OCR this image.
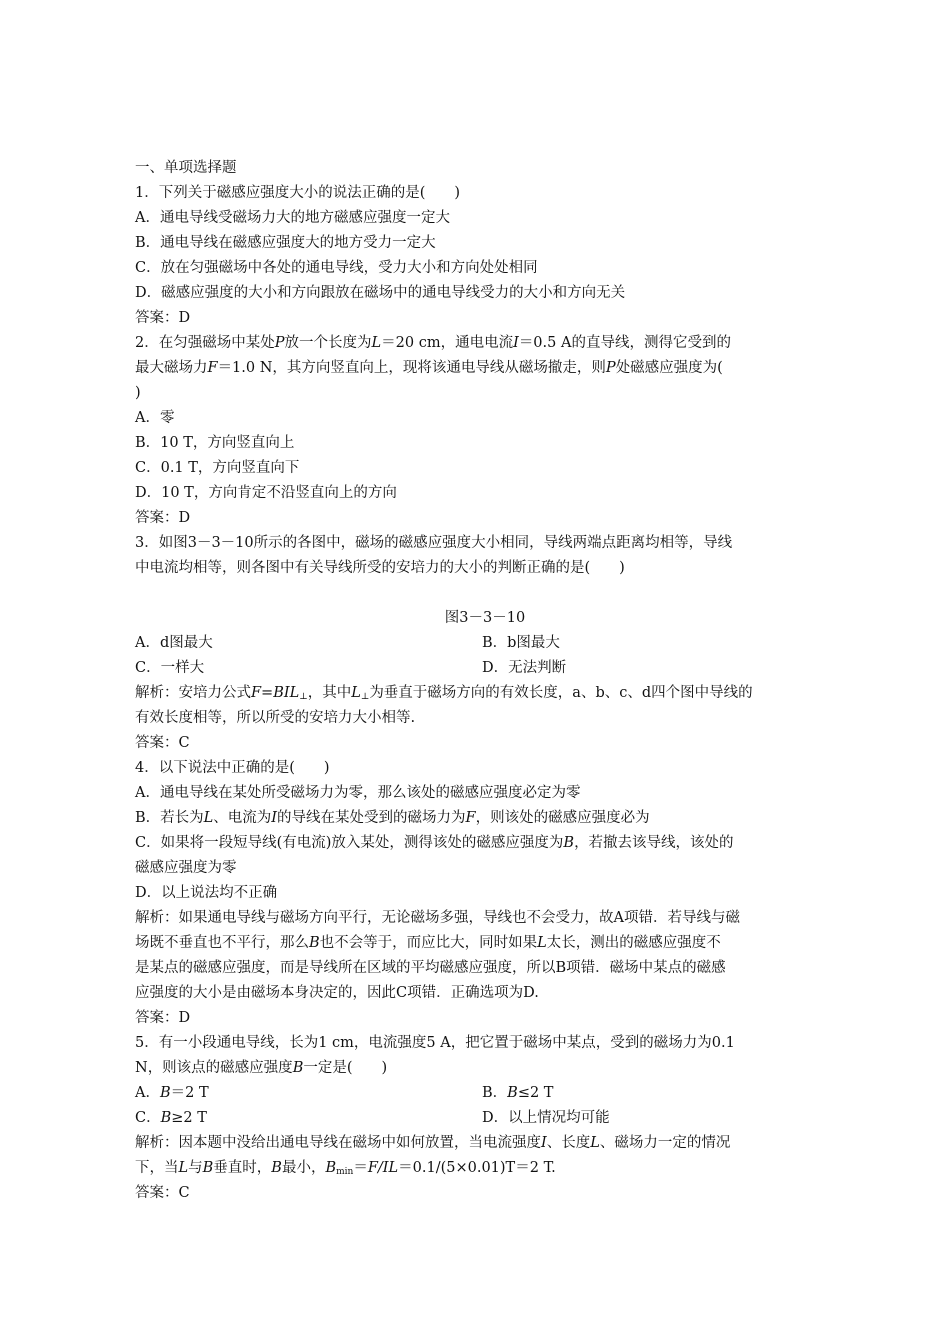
一、单项选择题
1．下列关于磁感应强度大小的说法正确的是(　　)
A．通电导线受磁场力大的地方磁感应强度一定大
B．通电导线在磁感应强度大的地方受力一定大
C．放在匀强磁场中各处的通电导线，受力大小和方向处处相同
D．磁感应强度的大小和方向跟放在磁场中的通电导线受力的大小和方向无关
答案：D
2．在匀强磁场中某处P放一个长度为L＝20 cm，通电电流I＝0.5 A的直导线，测得它受到的
最大磁场力F＝1.0 N，其方向竖直向上，现将该通电导线从磁场撤走，则P处磁感应强度为(
)
A．零
B．10 T，方向竖直向上
C．0.1 T，方向竖直向下
D．10 T，方向肯定不沿竖直向上的方向
答案：D
3．如图3－3－10所示的各图中，磁场的磁感应强度大小相同，导线两端点距离均相等，导线
中电流均相等，则各图中有关导线所受的安培力的大小的判断正确的是(　　)
图3－3－10
A．d图最大	B．b图最大
C．一样大	D．无法判断
解析：安培力公式$F=BIL_\perp$，其中$L_\perp$为垂直于磁场方向的有效长度，a、b、c、d四个图中导线的
有效长度相等，所以所受的安培力大小相等.
答案：C
4．以下说法中正确的是(　　)
A．通电导线在某处所受磁场力为零，那么该处的磁感应强度必定为零
B．若长为L、电流为I的导线在某处受到的磁场力为F，则该处的磁感应强度必为
C．如果将一段短导线(有电流)放入某处，测得该处的磁感应强度为B，若撤去该导线，该处的
磁感应强度为零
D．以上说法均不正确
解析：如果通电导线与磁场方向平行，无论磁场多强，导线也不会受力，故A项错．若导线与磁
场既不垂直也不平行，那么B也不会等于，而应比大，同时如果L太长，测出的磁感应强度不
是某点的磁感应强度，而是导线所在区域的平均磁感应强度，所以B项错．磁场中某点的磁感
应强度的大小是由磁场本身决定的，因此C项错．正确选项为D.
答案：D
5．有一小段通电导线，长为1 cm，电流强度5 A，把它置于磁场中某点，受到的磁场力为0.1
N，则该点的磁感应强度B一定是(　　)
A．B＝2 T	B．B≤2 T
C．B≥2 T	D．以上情况均可能
解析：因本题中没给出通电导线在磁场中如何放置，当电流强度I、长度L、磁场力一定的情况
下，当L与B垂直时，B最小，$B_{min}=F/IL=0.1/(5\times 0.01)T=2$ T.
答案：C
